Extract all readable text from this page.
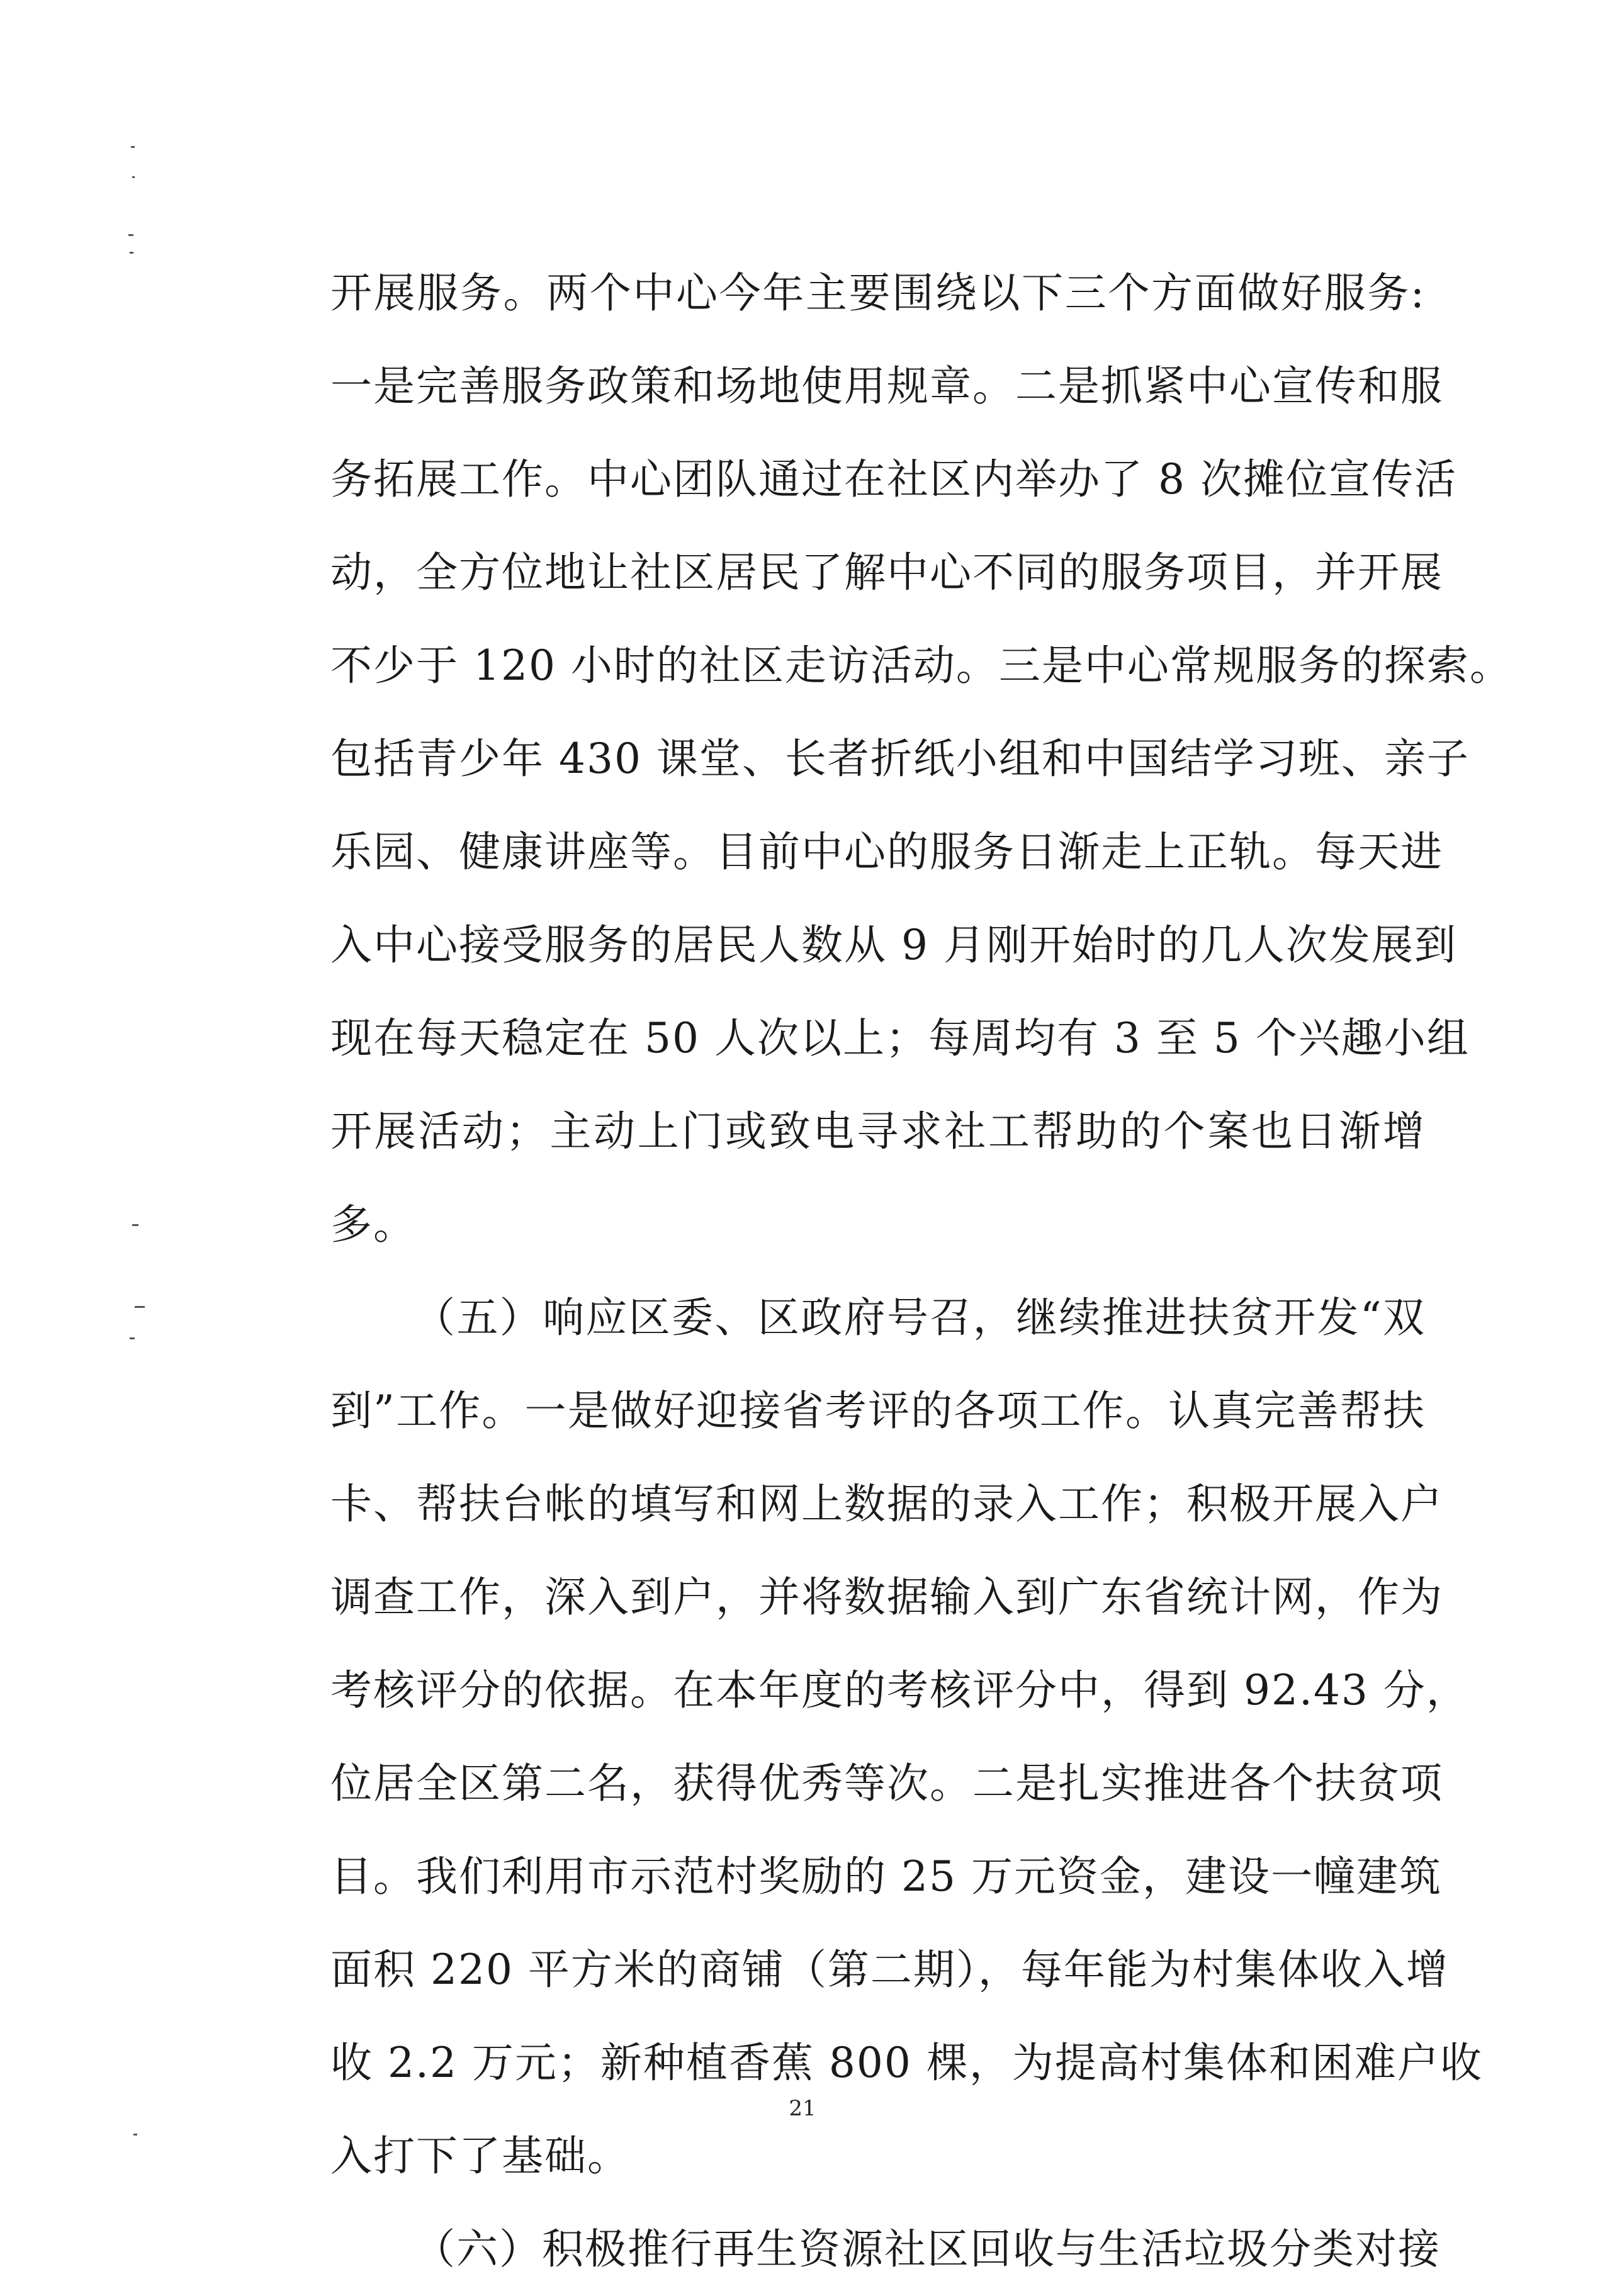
开展服务。两个中心今年主要围绕以下三个方面做好服务:
一是完善服务政策和场地使用规章。二是抓紧中心宣传和服
务拓展工作。中心团队通过在社区内举办了 8 次摊位宣传活
动，全方位地让社区居民了解中心不同的服务项目，并开展
不少于 120 小时的社区走访活动。三是中心常规服务的探索。
包括青少年 430 课堂、长者折纸小组和中国结学习班、亲子
乐园、健康讲座等。目前中心的服务日渐走上正轨。每天进
入中心接受服务的居民人数从 9 月刚开始时的几人次发展到
现在每天稳定在 50 人次以上；每周均有 3 至 5 个兴趣小组
开展活动；主动上门或致电寻求社工帮助的个案也日渐增
多。
（五）响应区委、区政府号召，继续推进扶贫开发“双
到”工作。一是做好迎接省考评的各项工作。认真完善帮扶
卡、帮扶台帐的填写和网上数据的录入工作；积极开展入户
调查工作，深入到户，并将数据输入到广东省统计网，作为
考核评分的依据。在本年度的考核评分中，得到 92.43 分，
位居全区第二名，获得优秀等次。二是扎实推进各个扶贫项
目。我们利用市示范村奖励的 25 万元资金，建设一幢建筑
面积 220 平方米的商铺（第二期），每年能为村集体收入增
收 2.2 万元；新种植香蕉 800 棵，为提高村集体和困难户收
入打下了基础。
（六）积极推行再生资源社区回收与生活垃圾分类对接
21
